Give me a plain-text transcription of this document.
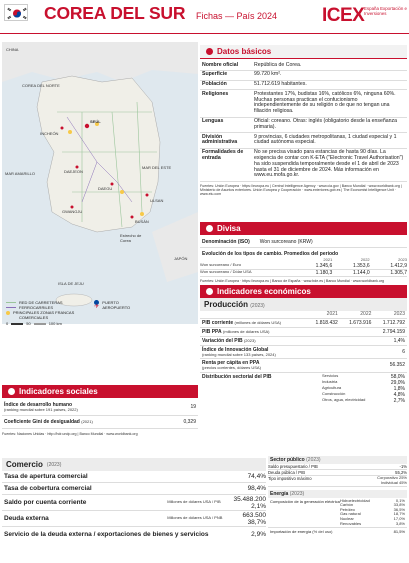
COREA DEL SUR Fichas — País 2024 ICEX España Exportación e Inversiones
COREA DEL NORTE
MAR AMARILLO
MAR DEL ESTE
Estrecho de Corea
ISLA DE JEJU
JAPÓN
CHINA
SEÚL
INCHEÓN
DAEJEON
DAEGU
ULSAN
GWANGJU
BUSÁN
RED DE CARRETERAS
FERROCARRILES
PRINCIPALES ZONAS FRANCAS
COMERCIALES
PUERTO
✈ AEROPUERTO
0	50	100 km
Datos básicos
Nombre oficial	República de Corea.
Superficie	99.720 km².
Población	51.712.619 habitantes.
Religiones	Protestantes 17%, budistas 16%, católicos 6%, ninguna 60%. Muchas personas practican el confucionismo independientemente de su religión o de que no tengan una filiación religiosa.
Lenguas	Oficial: coreano. Otras: inglés (obligatorio desde la enseñanza primaria).
División administrativa	9 provincias, 6 ciudades metropolitanas, 1 ciudad especial y 1 ciudad autónoma especial.
Formalidades de entrada	No se precisa visado para estancias de hasta 90 días. La exigencia de contar con K-ETA ("Electronic Travel Authorisation") ha sido suspendida temporalmente desde el 1 de abril de 2023 hasta el 31 de diciembre de 2024. Más información en www.eu.mofa.go.kr.
Fuentes: Unión Europea · https://europa.eu | Central Intelligence Agency · www.cia.gov | Banco Mundial · www.worldbank.org | Ministerio de Asuntos exteriores. Unión Europea y Cooperación · www.exteriores.gob.es | The Economist Intelligence Unit · www.eiu.com
Divisa
Denominación (ISO) Won surcoreano (KRW)
Evolución de los tipos de cambio. Promedios del periodo
	2021	2022	2023
Won surcoreano / Euro	1.345,6	1.353,6	1.412,9
Won surcoreano / Dólar USA	1.180,3	1.144,0	1.305,7
Fuentes: Unión Europea · https://europa.eu | Banco de España · www.bde.es | Banco Mundial · www.worldbank.org
Indicadores económicos
Producción (2023)
	2021	2022	2023
PIB corriente (millones de dólares USA)	1.818.432	1.673.916	1.712.792
PIB PPA (millones de dólares USA)			2.794.159
Variación del PIB (2023)			1,4%

Índice de Innovación Global
(ranking mundial sobre 133 países, 2024)			6

Renta per cápita en PPA
(precios corrientes, dólares USA)			56.352
Distribución sectorial del PIB	Servicios	58,0%
Industria	29,0%
Agricultura	1,8%
Construcción	4,8%
Otros, agua, electricidad	2,7%
Indicadores sociales
Índice de desarrollo humano
(ranking mundial sobre 191 países, 2022)	19
Coeficiente Gini de desigualdad (2021)	0,329
Fuentes: Naciones Unidas · http://hdr.undp.org | Banco Mundial · www.worldbank.org
Comercio (2023)
Tasa de apertura comercial		74,4%
Tasa de cobertura comercial		98,4%
Saldo por cuenta corriente	Millones de dólares USA / PIB	35.488.200
2,1%

Deuda externa	Millones de dólares USA / PNB	663.500
38,7%

Servicio de la deuda externa / exportaciones de bienes y servicios		2,9%
Sector público (2023)
Saldo presupuestario / PIB	-1%
Deuda pública / PIB	55,2%
Tipo impositivo máximo	Corporativo 25%
	Individual 45%
Energía (2023)
Composición de la generación eléctrica Hidroelectricidad	0,1%
Carbón	33,8%
Petróleo	36,5%
Gas natural	18,7%
Nuclear	17,0%
Renovables	3,8%
Importación de energía (% del uso)	81,5%
